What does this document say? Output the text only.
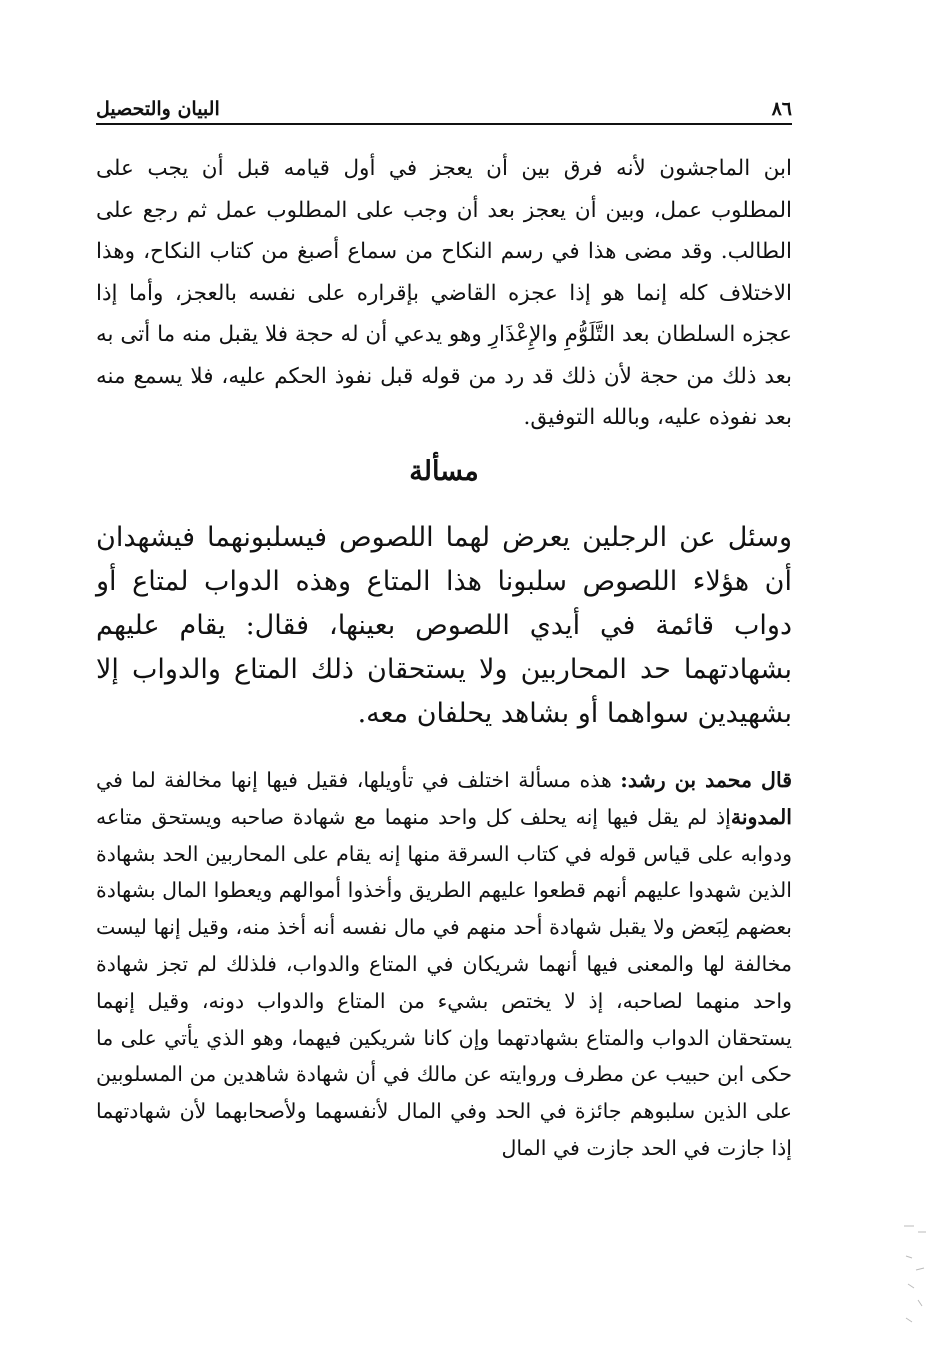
٨٦
البيان والتحصيل
ابن الماجشون لأنه فرق بين أن يعجز في أول قيامه قبل أن يجب على المطلوب عمل، وبين أن يعجز بعد أن وجب على المطلوب عمل ثم رجع على الطالب. وقد مضى هذا في رسم النكاح من سماع أصبغ من كتاب النكاح، وهذا الاختلاف كله إنما هو إذا عجزه القاضي بإقراره على نفسه بالعجز، وأما إذا عجزه السلطان بعد التَّلَوُّمِ والإِعْذَارِ وهو يدعي أن له حجة فلا يقبل منه ما أتى به بعد ذلك من حجة لأن ذلك قد رد من قوله قبل نفوذ الحكم عليه، فلا يسمع منه بعد نفوذه عليه، وبالله التوفيق.
مسألة
وسئل عن الرجلين يعرض لهما اللصوص فيسلبونهما فيشهدان أن هؤلاء اللصوص سلبونا هذا المتاع وهذه الدواب لمتاع أو دواب قائمة في أيدي اللصوص بعينها، فقال: يقام عليهم بشهادتهما حد المحاربين ولا يستحقان ذلك المتاع والدواب إلا بشهيدين سواهما أو بشاهد يحلفان معه.
قال محمد بن رشد: هذه مسألة اختلف في تأويلها، فقيل فيها إنها مخالفة لما في المدونةإذ لم يقل فيها إنه يحلف كل واحد منهما مع شهادة صاحبه ويستحق متاعه ودوابه على قياس قوله في كتاب السرقة منها إنه يقام على المحاربين الحد بشهادة الذين شهدوا عليهم أنهم قطعوا عليهم الطريق وأخذوا أموالهم ويعطوا المال بشهادة بعضهم لِبَعض ولا يقبل شهادة أحد منهم في مال نفسه أنه أخذ منه، وقيل إنها ليست مخالفة لها والمعنى فيها أنهما شريكان في المتاع والدواب، فلذلك لم تجز شهادة واحد منهما لصاحبه، إذ لا يختص بشيء من المتاع والدواب دونه، وقيل إنهما يستحقان الدواب والمتاع بشهادتهما وإن كانا شريكين فيهما، وهو الذي يأتي على ما حكى ابن حبيب عن مطرف وروايته عن مالك في أن شهادة شاهدين من المسلوبين على الذين سلبوهم جائزة في الحد وفي المال لأنفسهما ولأصحابهما لأن شهادتهما إذا جازت في الحد جازت في المال
